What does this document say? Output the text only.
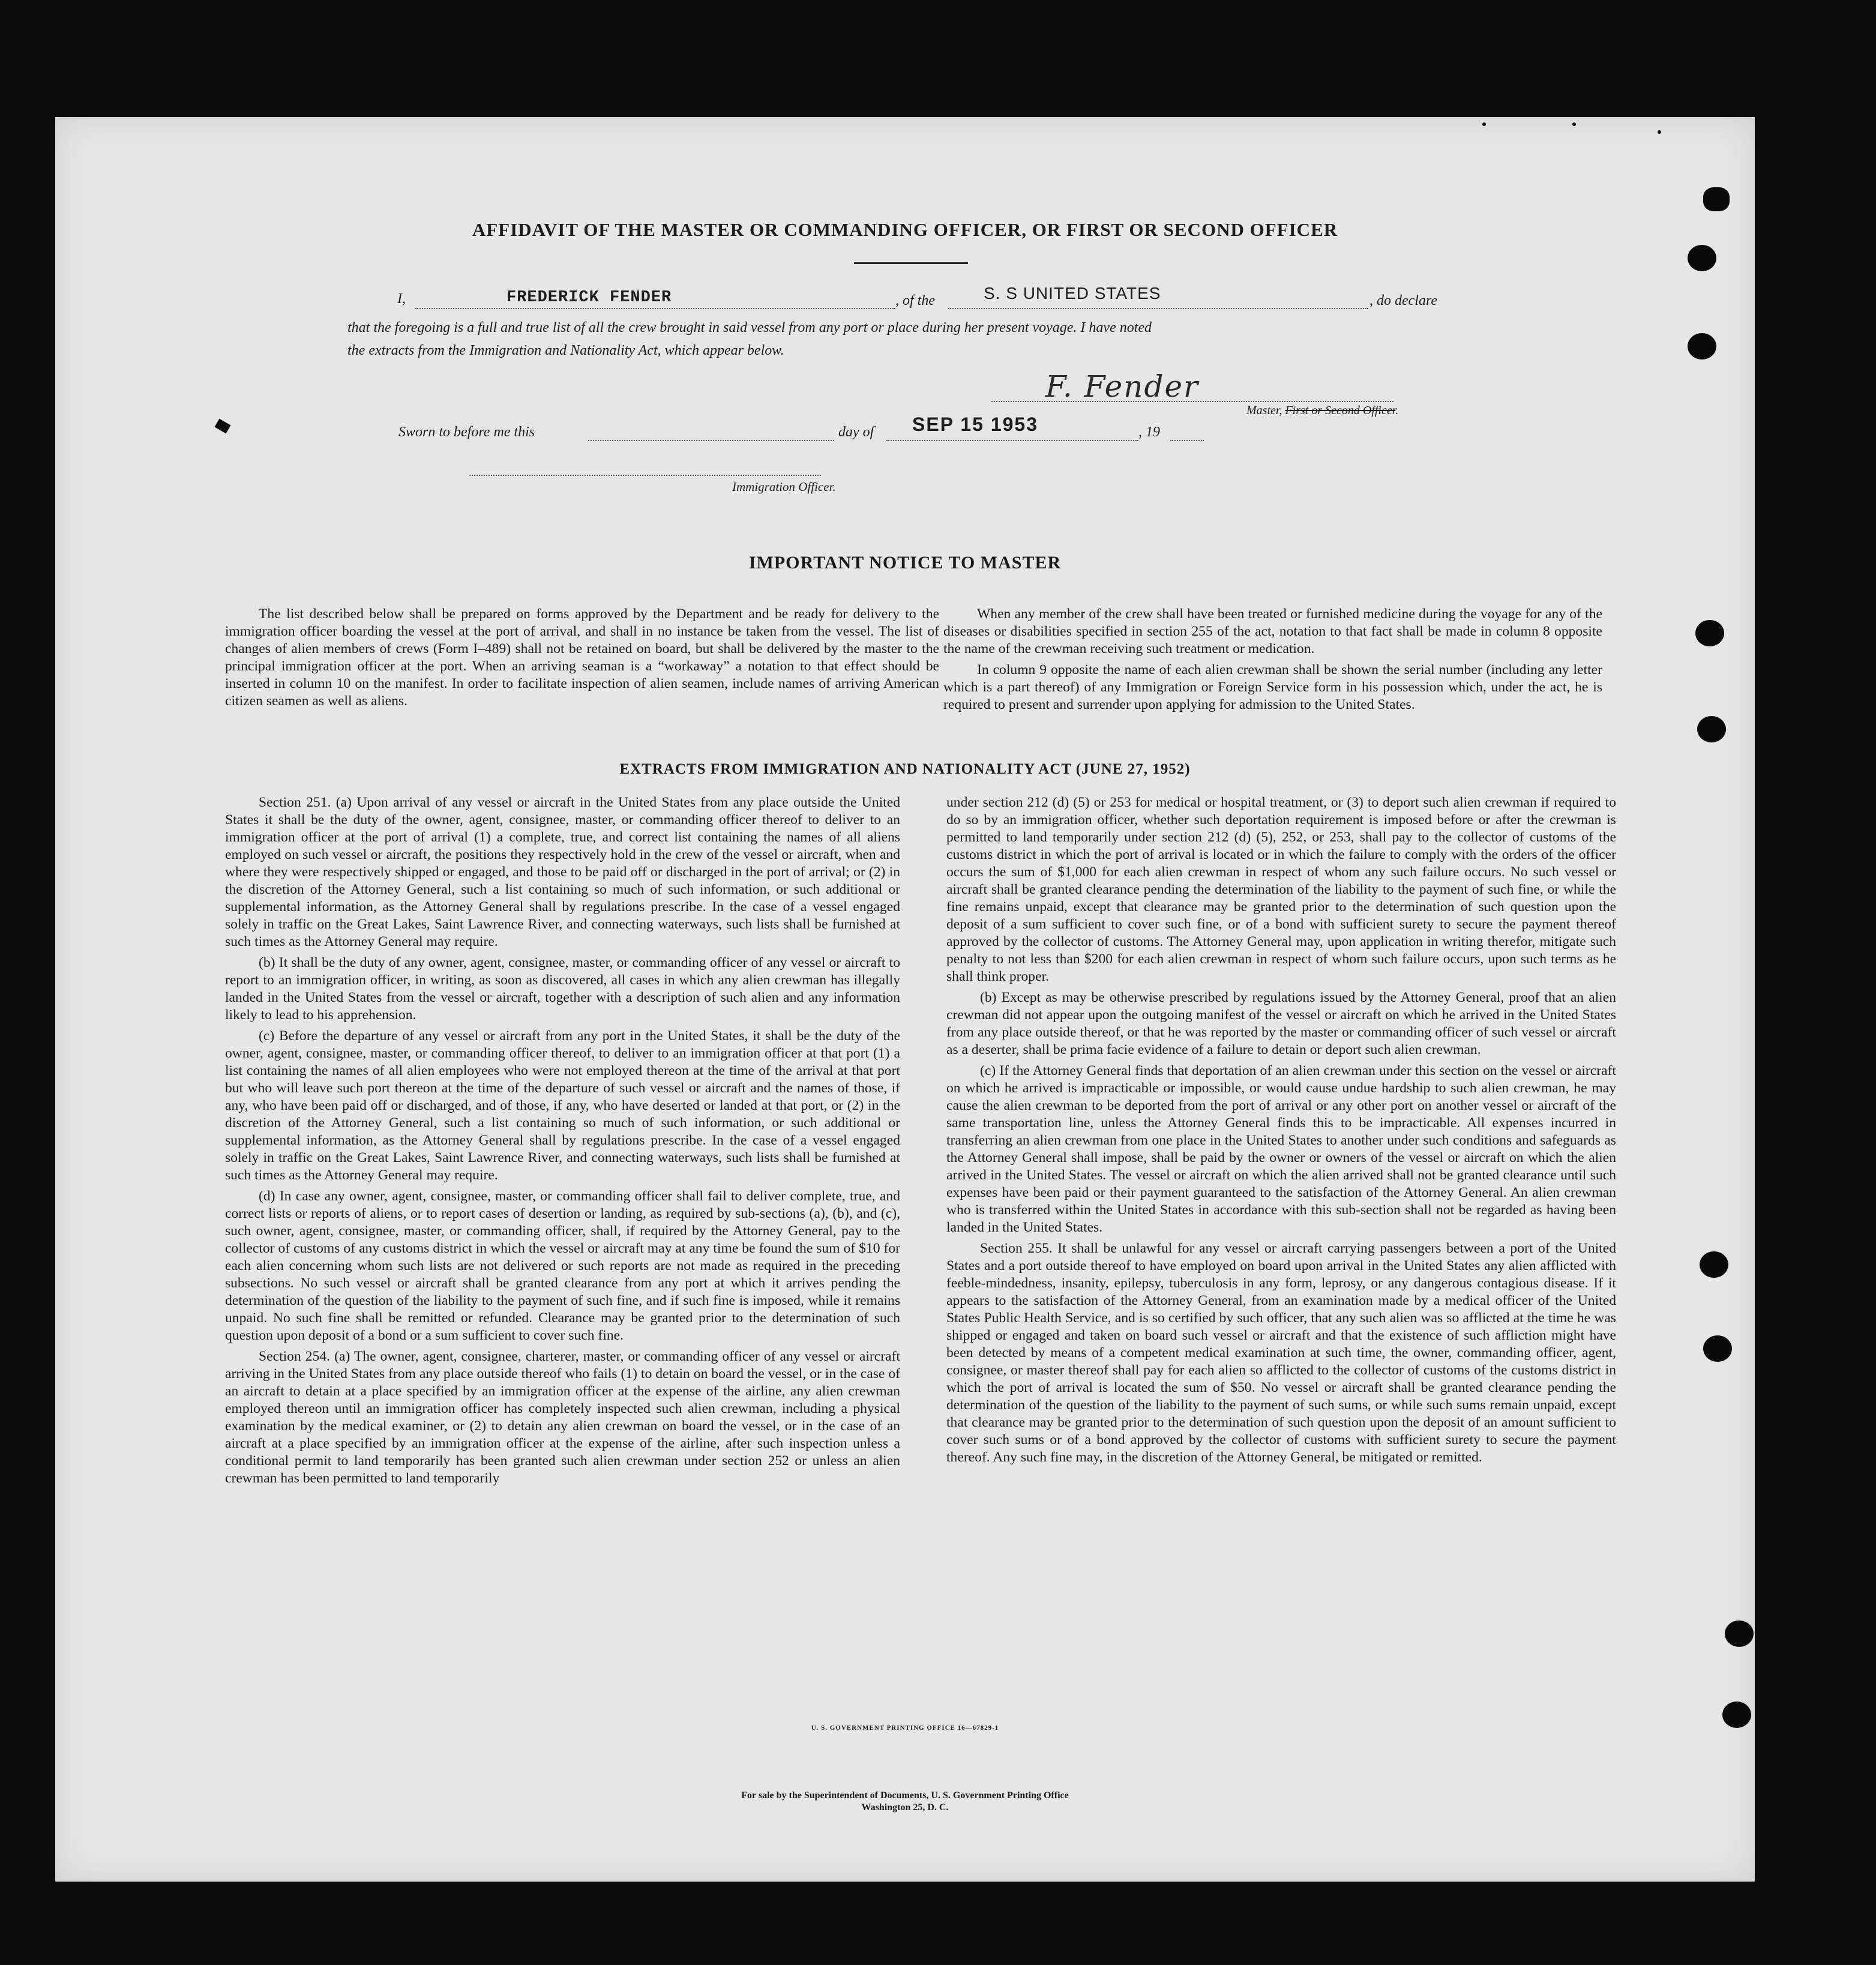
AFFIDAVIT OF THE MASTER OR COMMANDING OFFICER, OR FIRST OR SECOND OFFICER
I,	FREDERICK FENDER	, of the	S. S UNITED STATES	, do declare
that the foregoing is a full and true list of all the crew brought in said vessel from any port or place during her present voyage. I have noted
the extracts from the Immigration and Nationality Act, which appear below.
F. Fender
Master, First or Second Officer.
Sworn to before me this	day of SEP 15 1953	, 19
Immigration Officer.
IMPORTANT NOTICE TO MASTER

The list described below shall be prepared on forms approved by the Department and be ready for delivery to the immigration officer boarding the vessel at the port of arrival, and shall in no instance be taken from the vessel. The list of changes of alien members of crews (Form I–489) shall not be retained on board, but shall be delivered by the master to the principal immigration officer at the port. When an arriving seaman is a “workaway” a notation to that effect should be inserted in column 10 on the manifest. In order to facilitate inspection of alien seamen, include names of arriving American citizen seamen as well as aliens.

When any member of the crew shall have been treated or furnished medicine during the voyage for any of the diseases or disabilities specified in section 255 of the act, notation to that fact shall be made in column 8 opposite the name of the crewman receiving such treatment or medication.

In column 9 opposite the name of each alien crewman shall be shown the serial number (including any letter which is a part thereof) of any Immigration or Foreign Service form in his possession which, under the act, he is required to present and surrender upon applying for admission to the United States.

EXTRACTS FROM IMMIGRATION AND NATIONALITY ACT (JUNE 27, 1952)

Section 251. (a) Upon arrival of any vessel or aircraft in the United States from any place outside the United States it shall be the duty of the owner, agent, consignee, master, or commanding officer thereof to deliver to an immigration officer at the port of arrival (1) a complete, true, and correct list containing the names of all aliens employed on such vessel or aircraft, the positions they respectively hold in the crew of the vessel or aircraft, when and where they were respectively shipped or engaged, and those to be paid off or discharged in the port of arrival; or (2) in the discretion of the Attorney General, such a list containing so much of such information, or such additional or supplemental information, as the Attorney General shall by regulations prescribe. In the case of a vessel engaged solely in traffic on the Great Lakes, Saint Lawrence River, and connecting waterways, such lists shall be furnished at such times as the Attorney General may require.

(b) It shall be the duty of any owner, agent, consignee, master, or commanding officer of any vessel or aircraft to report to an immigration officer, in writing, as soon as discovered, all cases in which any alien crewman has illegally landed in the United States from the vessel or aircraft, together with a description of such alien and any information likely to lead to his apprehension.

(c) Before the departure of any vessel or aircraft from any port in the United States, it shall be the duty of the owner, agent, consignee, master, or commanding officer thereof, to deliver to an immigration officer at that port (1) a list containing the names of all alien employees who were not employed thereon at the time of the arrival at that port but who will leave such port thereon at the time of the departure of such vessel or aircraft and the names of those, if any, who have been paid off or discharged, and of those, if any, who have deserted or landed at that port, or (2) in the discretion of the Attorney General, such a list containing so much of such information, or such additional or supplemental information, as the Attorney General shall by regulations prescribe. In the case of a vessel engaged solely in traffic on the Great Lakes, Saint Lawrence River, and connecting waterways, such lists shall be furnished at such times as the Attorney General may require.

(d) In case any owner, agent, consignee, master, or commanding officer shall fail to deliver complete, true, and correct lists or reports of aliens, or to report cases of desertion or landing, as required by sub-sections (a), (b), and (c), such owner, agent, consignee, master, or commanding officer, shall, if required by the Attorney General, pay to the collector of customs of any customs district in which the vessel or aircraft may at any time be found the sum of $10 for each alien concerning whom such lists are not delivered or such reports are not made as required in the preceding subsections. No such vessel or aircraft shall be granted clearance from any port at which it arrives pending the determination of the question of the liability to the payment of such fine, and if such fine is imposed, while it remains unpaid. No such fine shall be remitted or refunded. Clearance may be granted prior to the determination of such question upon deposit of a bond or a sum sufficient to cover such fine.

Section 254. (a) The owner, agent, consignee, charterer, master, or commanding officer of any vessel or aircraft arriving in the United States from any place outside thereof who fails (1) to detain on board the vessel, or in the case of an aircraft to detain at a place specified by an immigration officer at the expense of the airline, any alien crewman employed thereon until an immigration officer has completely inspected such alien crewman, including a physical examination by the medical examiner, or (2) to detain any alien crewman on board the vessel, or in the case of an aircraft at a place specified by an immigration officer at the expense of the airline, after such inspection unless a conditional permit to land temporarily has been granted such alien crewman under section 252 or unless an alien crewman has been permitted to land temporarily

under section 212 (d) (5) or 253 for medical or hospital treatment, or (3) to deport such alien crewman if required to do so by an immigration officer, whether such deportation requirement is imposed before or after the crewman is permitted to land temporarily under section 212 (d) (5), 252, or 253, shall pay to the collector of customs of the customs district in which the port of arrival is located or in which the failure to comply with the orders of the officer occurs the sum of $1,000 for each alien crewman in respect of whom any such failure occurs. No such vessel or aircraft shall be granted clearance pending the determination of the liability to the payment of such fine, or while the fine remains unpaid, except that clearance may be granted prior to the determination of such question upon the deposit of a sum sufficient to cover such fine, or of a bond with sufficient surety to secure the payment thereof approved by the collector of customs. The Attorney General may, upon application in writing therefor, mitigate such penalty to not less than $200 for each alien crewman in respect of whom such failure occurs, upon such terms as he shall think proper.

(b) Except as may be otherwise prescribed by regulations issued by the Attorney General, proof that an alien crewman did not appear upon the outgoing manifest of the vessel or aircraft on which he arrived in the United States from any place outside thereof, or that he was reported by the master or commanding officer of such vessel or aircraft as a deserter, shall be prima facie evidence of a failure to detain or deport such alien crewman.

(c) If the Attorney General finds that deportation of an alien crewman under this section on the vessel or aircraft on which he arrived is impracticable or impossible, or would cause undue hardship to such alien crewman, he may cause the alien crewman to be deported from the port of arrival or any other port on another vessel or aircraft of the same transportation line, unless the Attorney General finds this to be impracticable. All expenses incurred in transferring an alien crewman from one place in the United States to another under such conditions and safeguards as the Attorney General shall impose, shall be paid by the owner or owners of the vessel or aircraft on which the alien arrived in the United States. The vessel or aircraft on which the alien arrived shall not be granted clearance until such expenses have been paid or their payment guaranteed to the satisfaction of the Attorney General. An alien crewman who is transferred within the United States in accordance with this sub-section shall not be regarded as having been landed in the United States.

Section 255. It shall be unlawful for any vessel or aircraft carrying passengers between a port of the United States and a port outside thereof to have employed on board upon arrival in the United States any alien afflicted with feeble-mindedness, insanity, epilepsy, tuberculosis in any form, leprosy, or any dangerous contagious disease. If it appears to the satisfaction of the Attorney General, from an examination made by a medical officer of the United States Public Health Service, and is so certified by such officer, that any such alien was so afflicted at the time he was shipped or engaged and taken on board such vessel or aircraft and that the existence of such affliction might have been detected by means of a competent medical examination at such time, the owner, commanding officer, agent, consignee, or master thereof shall pay for each alien so afflicted to the collector of customs of the customs district in which the port of arrival is located the sum of $50. No vessel or aircraft shall be granted clearance pending the determination of the question of the liability to the payment of such sums, or while such sums remain unpaid, except that clearance may be granted prior to the determination of such question upon the deposit of an amount sufficient to cover such sums or of a bond approved by the collector of customs with sufficient surety to secure the payment thereof. Any such fine may, in the discretion of the Attorney General, be mitigated or remitted.

U. S. GOVERNMENT PRINTING OFFICE 16—67829-1
For sale by the Superintendent of Documents, U. S. Government Printing Office
Washington 25, D. C.
